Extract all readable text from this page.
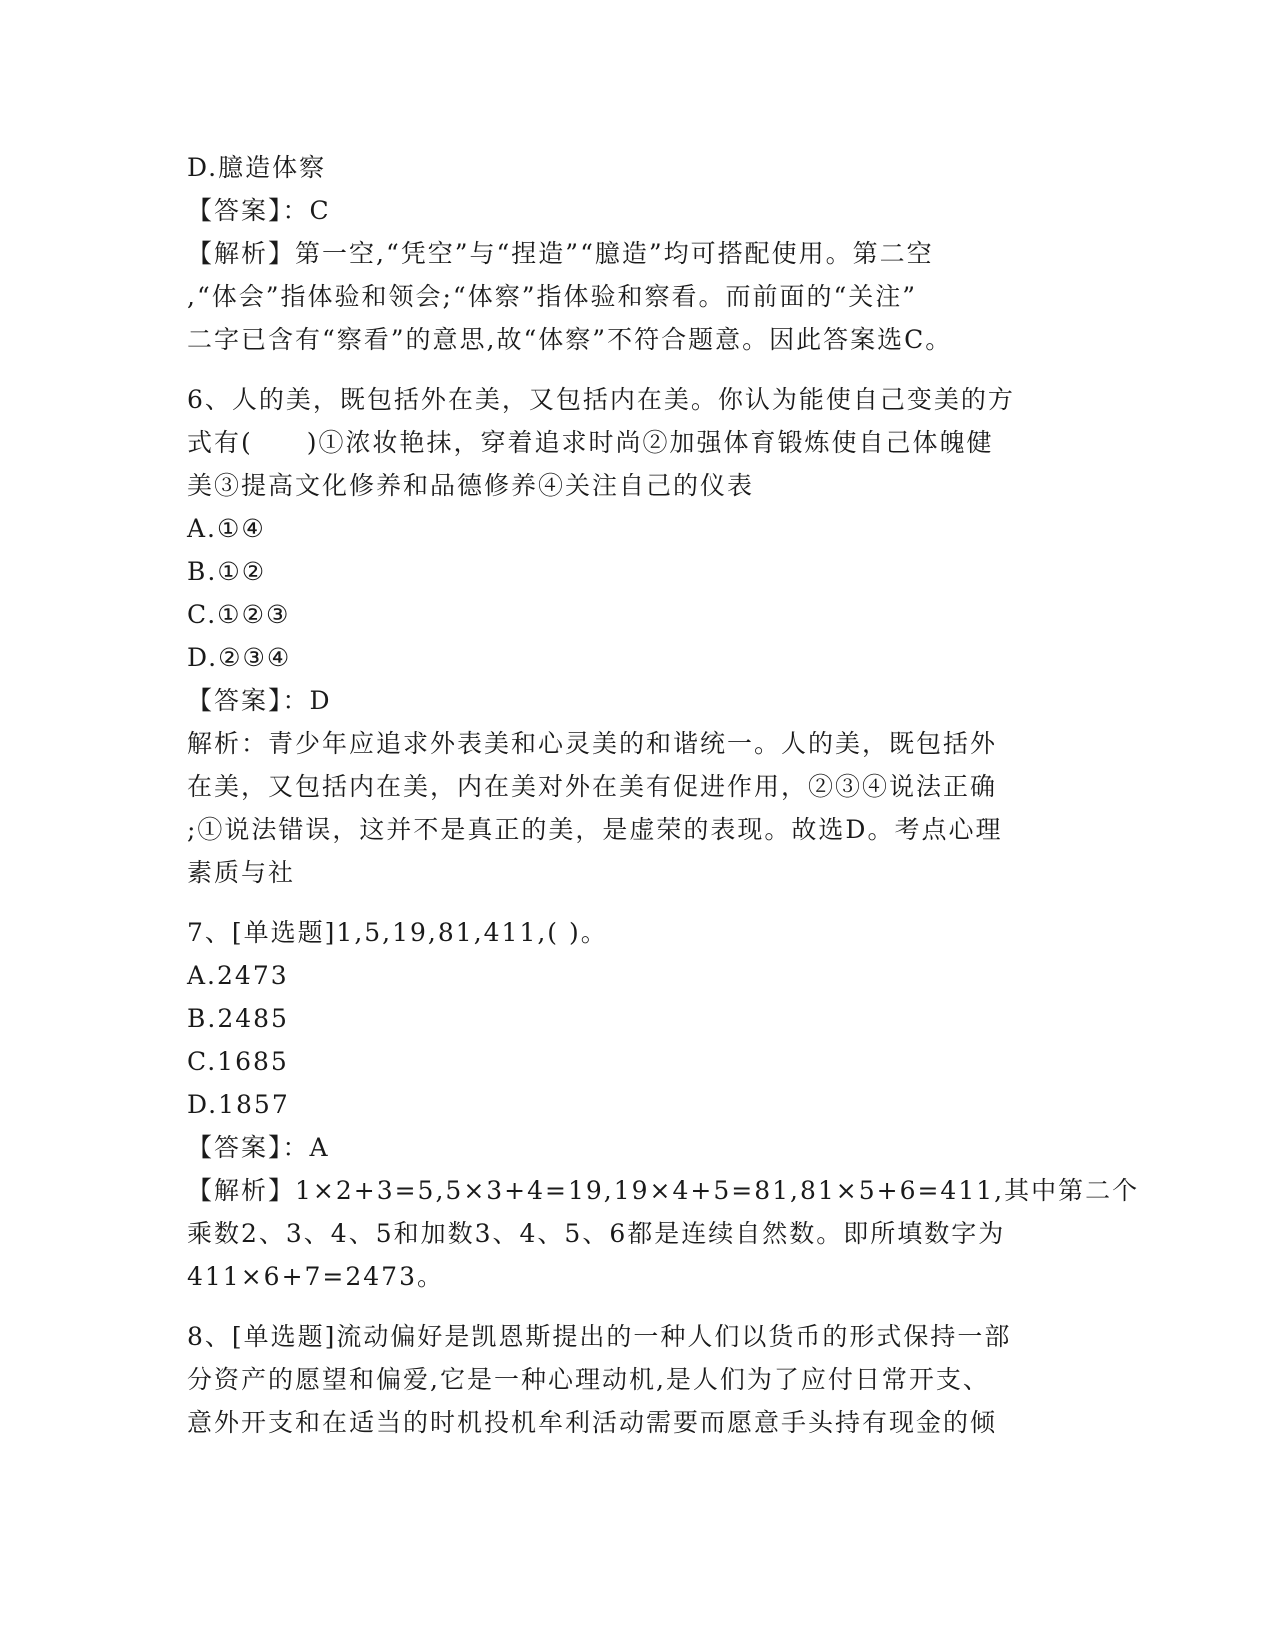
D.臆造体察

【答案】：C

【解析】第一空,“凭空”与“捏造”“臆造”均可搭配使用。第二空

,“体会”指体验和领会;“体察”指体验和察看。而前面的“关注”

二字已含有“察看”的意思,故“体察”不符合题意。因此答案选C。

6、人的美，既包括外在美，又包括内在美。你认为能使自己变美的方

式有(　　)①浓妆艳抹，穿着追求时尚②加强体育锻炼使自己体魄健

美③提高文化修养和品德修养④关注自己的仪表

A.①④

B.①②

C.①②③

D.②③④

【答案】：D

解析：青少年应追求外表美和心灵美的和谐统一。人的美，既包括外

在美，又包括内在美，内在美对外在美有促进作用，②③④说法正确

;①说法错误，这并不是真正的美，是虚荣的表现。故选D。考点心理

素质与社

7、[单选题]1,5,19,81,411,( )。

A.2473

B.2485

C.1685

D.1857

【答案】：A

【解析】1×2+3=5,5×3+4=19,19×4+5=81,81×5+6=411,其中第二个

乘数2、3、4、5和加数3、4、5、6都是连续自然数。即所填数字为

411×6+7=2473。

8、[单选题]流动偏好是凯恩斯提出的一种人们以货币的形式保持一部

分资产的愿望和偏爱,它是一种心理动机,是人们为了应付日常开支、

意外开支和在适当的时机投机牟利活动需要而愿意手头持有现金的倾
